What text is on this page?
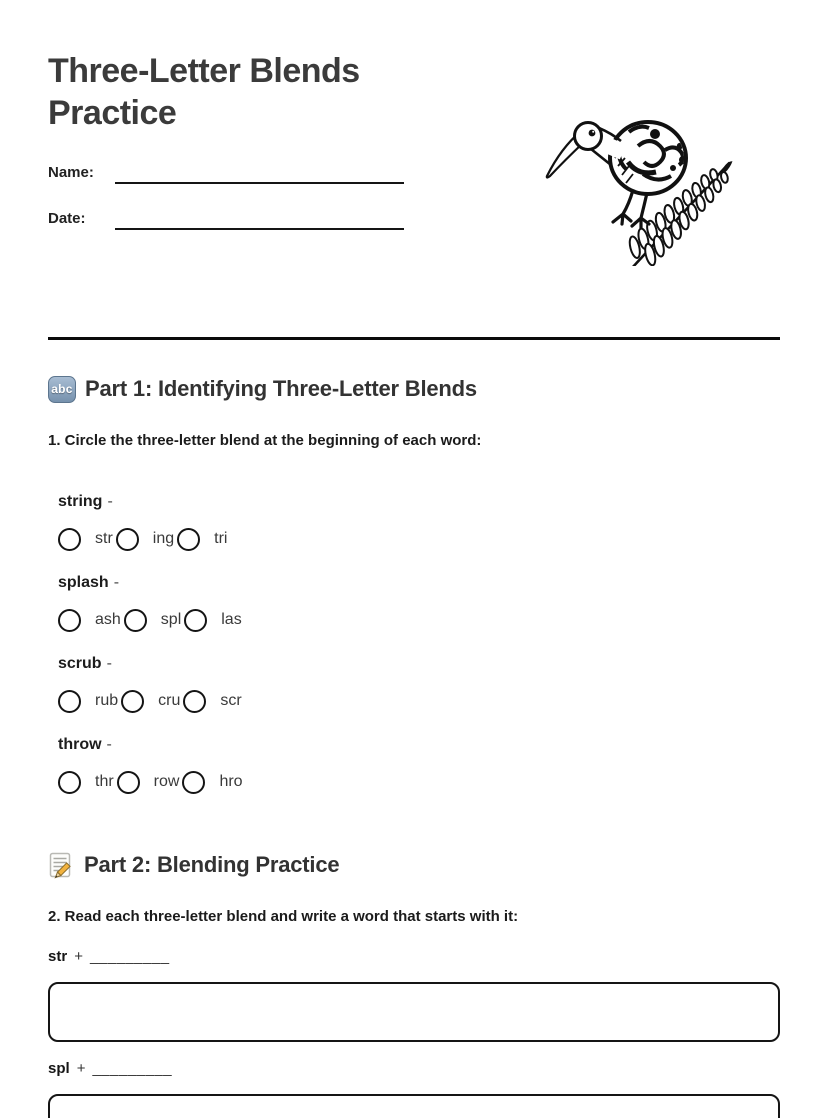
Three-Letter Blends Practice
Name:
Date:
abc Part 1: Identifying Three-Letter Blends

1. Circle the three-letter blend at the beginning of each word:

string -
str	ing	tri
splash -
ash	spl	las
scrub -
rub	cru	scr
throw -
thr	row	hro
Part 2: Blending Practice

2. Read each three-letter blend and write a word that starts with it:

str + _________
spl + _________
